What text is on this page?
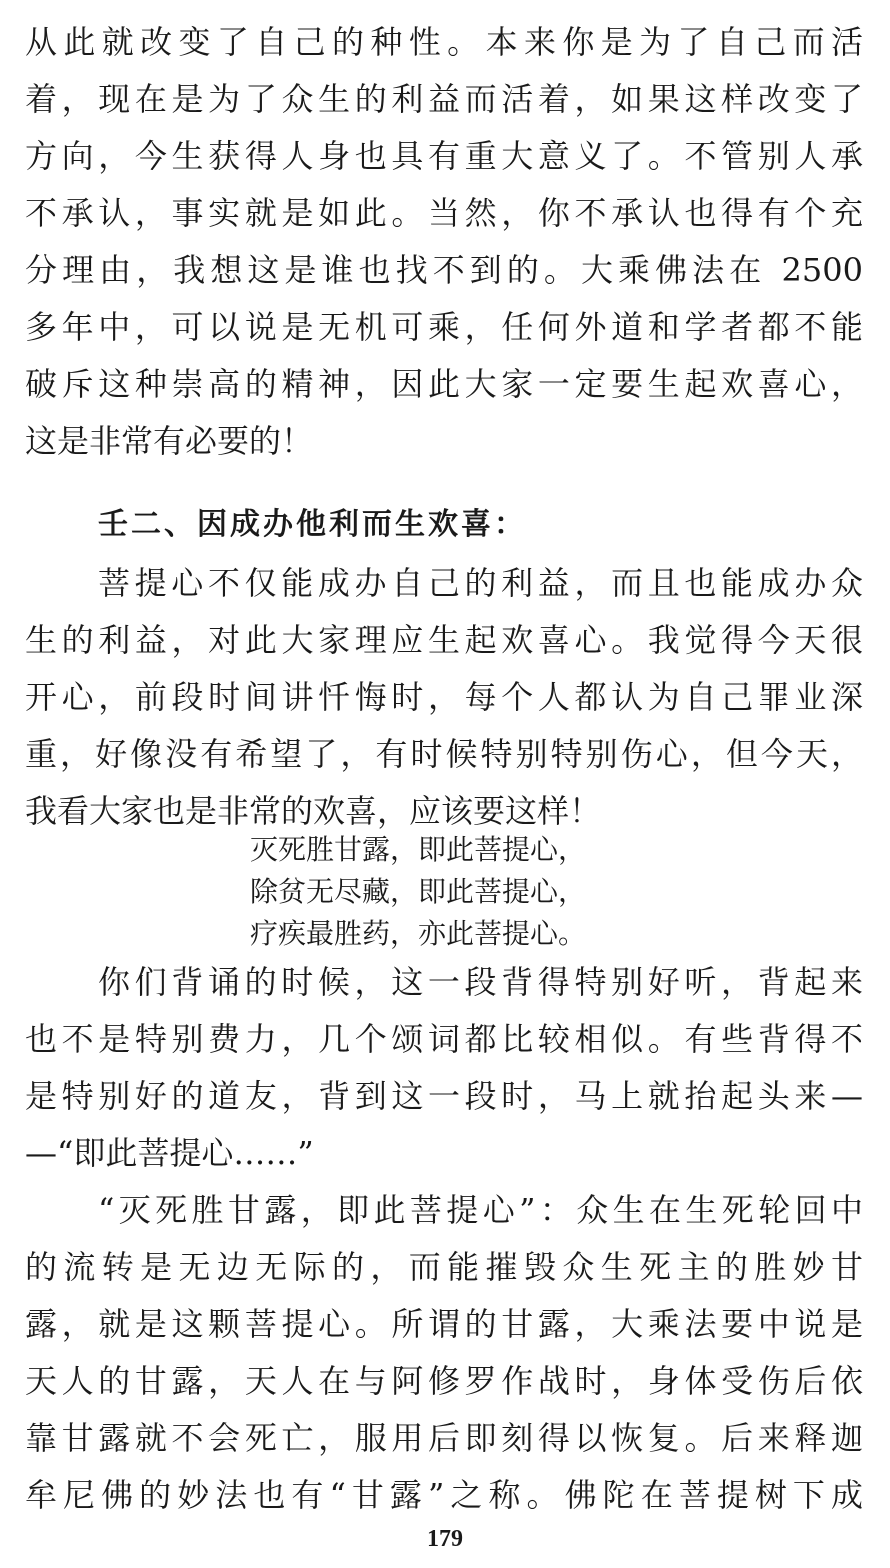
从此就改变了自己的种性。本来你是为了自己而活
着，现在是为了众生的利益而活着，如果这样改变了
方向，今生获得人身也具有重大意义了。不管别人承
不承认，事实就是如此。当然，你不承认也得有个充
分理由，我想这是谁也找不到的。大乘佛法在 2500
多年中，可以说是无机可乘，任何外道和学者都不能
破斥这种崇高的精神，因此大家一定要生起欢喜心，
这是非常有必要的！
壬二、因成办他利而生欢喜：
菩提心不仅能成办自己的利益，而且也能成办众
生的利益，对此大家理应生起欢喜心。我觉得今天很
开心，前段时间讲忏悔时，每个人都认为自己罪业深
重，好像没有希望了，有时候特别特别伤心，但今天，
我看大家也是非常的欢喜，应该要这样！
灭死胜甘露，即此菩提心，
除贫无尽藏，即此菩提心，
疗疾最胜药，亦此菩提心。
你们背诵的时候，这一段背得特别好听，背起来
也不是特别费力，几个颂词都比较相似。有些背得不
是特别好的道友，背到这一段时，马上就抬起头来—
—“即此菩提心……”
“灭死胜甘露，即此菩提心”：众生在生死轮回中
的流转是无边无际的，而能摧毁众生死主的胜妙甘
露，就是这颗菩提心。所谓的甘露，大乘法要中说是
天人的甘露，天人在与阿修罗作战时，身体受伤后依
靠甘露就不会死亡，服用后即刻得以恢复。后来释迦
牟尼佛的妙法也有“甘露”之称。佛陀在菩提树下成
179
